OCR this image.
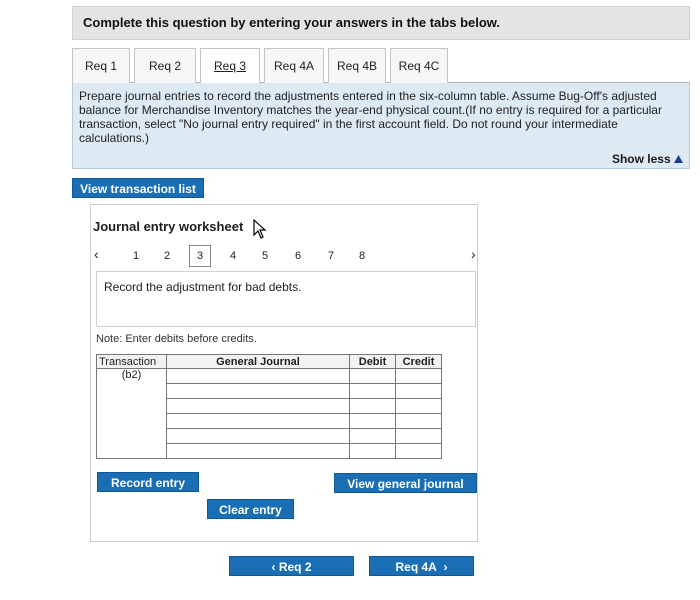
Complete this question by entering your answers in the tabs below.
Req 1	Req 2	Req 3	Req 4A	Req 4B	Req 4C
Prepare journal entries to record the adjustments entered in the six-column table. Assume Bug-Off's adjusted balance for Merchandise Inventory matches the year-end physical count.(If no entry is required for a particular transaction, select "No journal entry required" in the first account field. Do not round your intermediate calculations.)
Show less
View transaction list
Journal entry worksheet
‹	1 2	3	4 5 6 7 8	›
Record the adjustment for bad debts.
Note: Enter debits before credits.
Transaction	General Journal	Debit	Credit
(b2)			

Record entry	View general journal
Clear entry
‹ Req 2	Req 4A  ›
